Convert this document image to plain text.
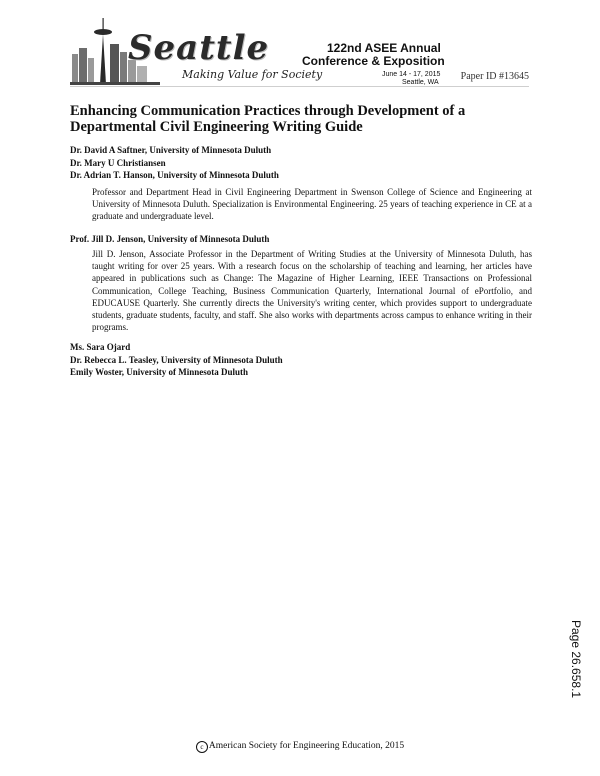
Seattle
Making Value for Society
122nd ASEE Annual
Conference & Exposition
June 14 - 17, 2015
Seattle, WA
Paper ID #13645
Enhancing Communication Practices through Development of a Departmental Civil Engineering Writing Guide
Dr. David A Saftner, University of Minnesota Duluth
Dr. Mary U Christiansen
Dr. Adrian T. Hanson, University of Minnesota Duluth

Professor and Department Head in Civil Engineering Department in Swenson College of Science and Engineering at University of Minnesota Duluth. Specialization is Environmental Engineering. 25 years of teaching experience in CE at a graduate and undergraduate level.

Prof. Jill D. Jenson, University of Minnesota Duluth

Jill D. Jenson, Associate Professor in the Department of Writing Studies at the University of Minnesota Duluth, has taught writing for over 25 years. With a research focus on the scholarship of teaching and learning, her articles have appeared in publications such as Change: The Magazine of Higher Learning, IEEE Transactions on Professional Communication, College Teaching, Business Communication Quarterly, International Journal of ePortfolio, and EDUCAUSE Quarterly. She currently directs the University's writing center, which provides support to undergraduate students, graduate students, faculty, and staff. She also works with departments across campus to enhance writing in their programs.

Ms. Sara Ojard
Dr. Rebecca L. Teasley, University of Minnesota Duluth
Emily Woster, University of Minnesota Duluth
Page 26.658.1
c American Society for Engineering Education, 2015
